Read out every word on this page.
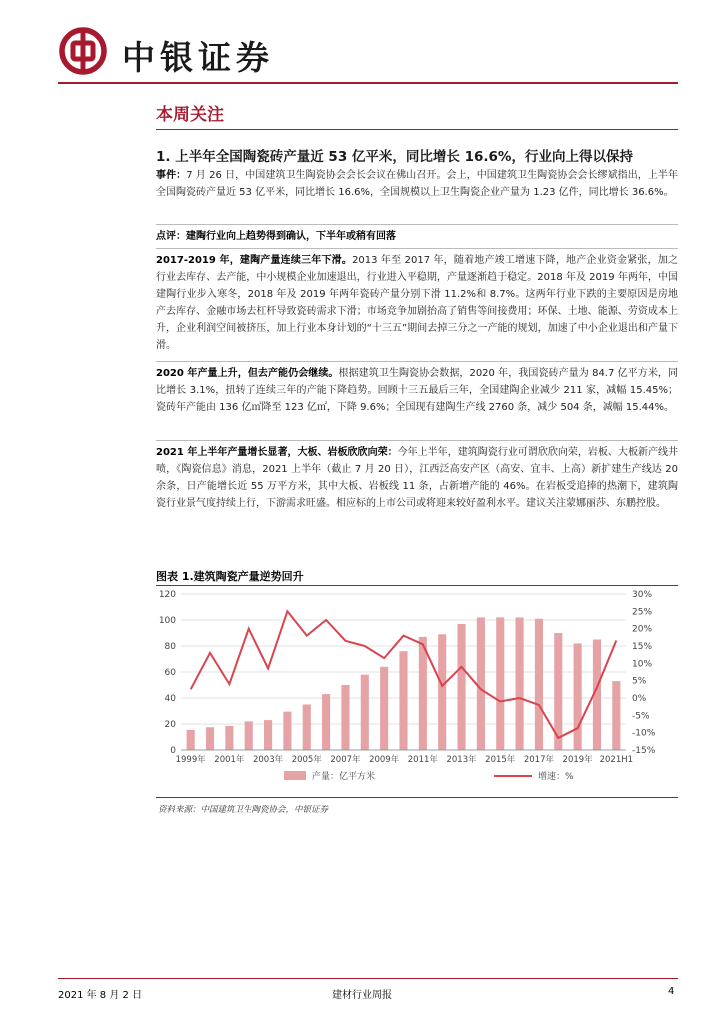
中银证券
本周关注
1. 上半年全国陶瓷砖产量近 53 亿平米，同比增长 16.6%，行业向上得以保持
事件：7 月 26 日，中国建筑卫生陶瓷协会会长会议在佛山召开。会上，中国建筑卫生陶瓷协会会长缪斌指出，上半年全国陶瓷砖产量近 53 亿平米，同比增长 16.6%，全国规模以上卫生陶瓷企业产量为 1.23 亿件，同比增长 36.6%。
点评：建陶行业向上趋势得到确认，下半年或稍有回落
2017-2019 年，建陶产量连续三年下滑。2013 年至 2017 年，随着地产竣工增速下降，地产企业资金紧张，加之行业去库存、去产能，中小规模企业加速退出，行业进入平稳期，产量逐渐趋于稳定。2018 年及 2019 年两年，中国建陶行业步入寒冬，2018 年及 2019 年两年瓷砖产量分别下滑 11.2%和 8.7%。这两年行业下跌的主要原因是房地产去库存、金融市场去杠杆导致瓷砖需求下滑；市场竞争加剧抬高了销售等间接费用；环保、土地、能源、劳资成本上升，企业利润空间被挤压，加上行业本身计划的“十三五”期间去掉三分之一产能的规划，加速了中小企业退出和产量下滑。
2020 年产量上升，但去产能仍会继续。根据建筑卫生陶瓷协会数据，2020 年，我国瓷砖产量为 84.7 亿平方米，同比增长 3.1%，扭转了连续三年的产能下降趋势。回顾十三五最后三年，全国建陶企业减少 211 家，减幅 15.45%；瓷砖年产能由 136 亿㎡降至 123 亿㎡，下降 9.6%；全国现有建陶生产线 2760 条，减少 504 条，减幅 15.44%。
2021 年上半年产量增长显著，大板、岩板欣欣向荣：今年上半年，建筑陶瓷行业可谓欣欣向荣，岩板、大板新产线井喷，《陶瓷信息》消息，2021 上半年（截止 7 月 20 日），江西泛高安产区（高安、宜丰、上高）新扩建生产线达 20 余条，日产能增长近 55 万平方米，其中大板、岩板线 11 条，占新增产能的 46%。在岩板受追捧的热潮下，建筑陶瓷行业景气度持续上行，下游需求旺盛。相应标的上市公司或将迎来较好盈利水平。建议关注蒙娜丽莎、东鹏控股。
图表 1.建筑陶瓷产量逆势回升
0
20
40
60
80
100
120
-15%
-10%
-5%
0%
5%
10%
15%
20%
25%
30%
1999年 2001年 2003年 2005年 2007年 2009年 2011年 2013年 2015年 2017年 2019年 2021H1
产量：亿平方米	增速：%
资料来源：中国建筑卫生陶瓷协会，中银证券
2021 年 8 月 2 日	建材行业周报	4
